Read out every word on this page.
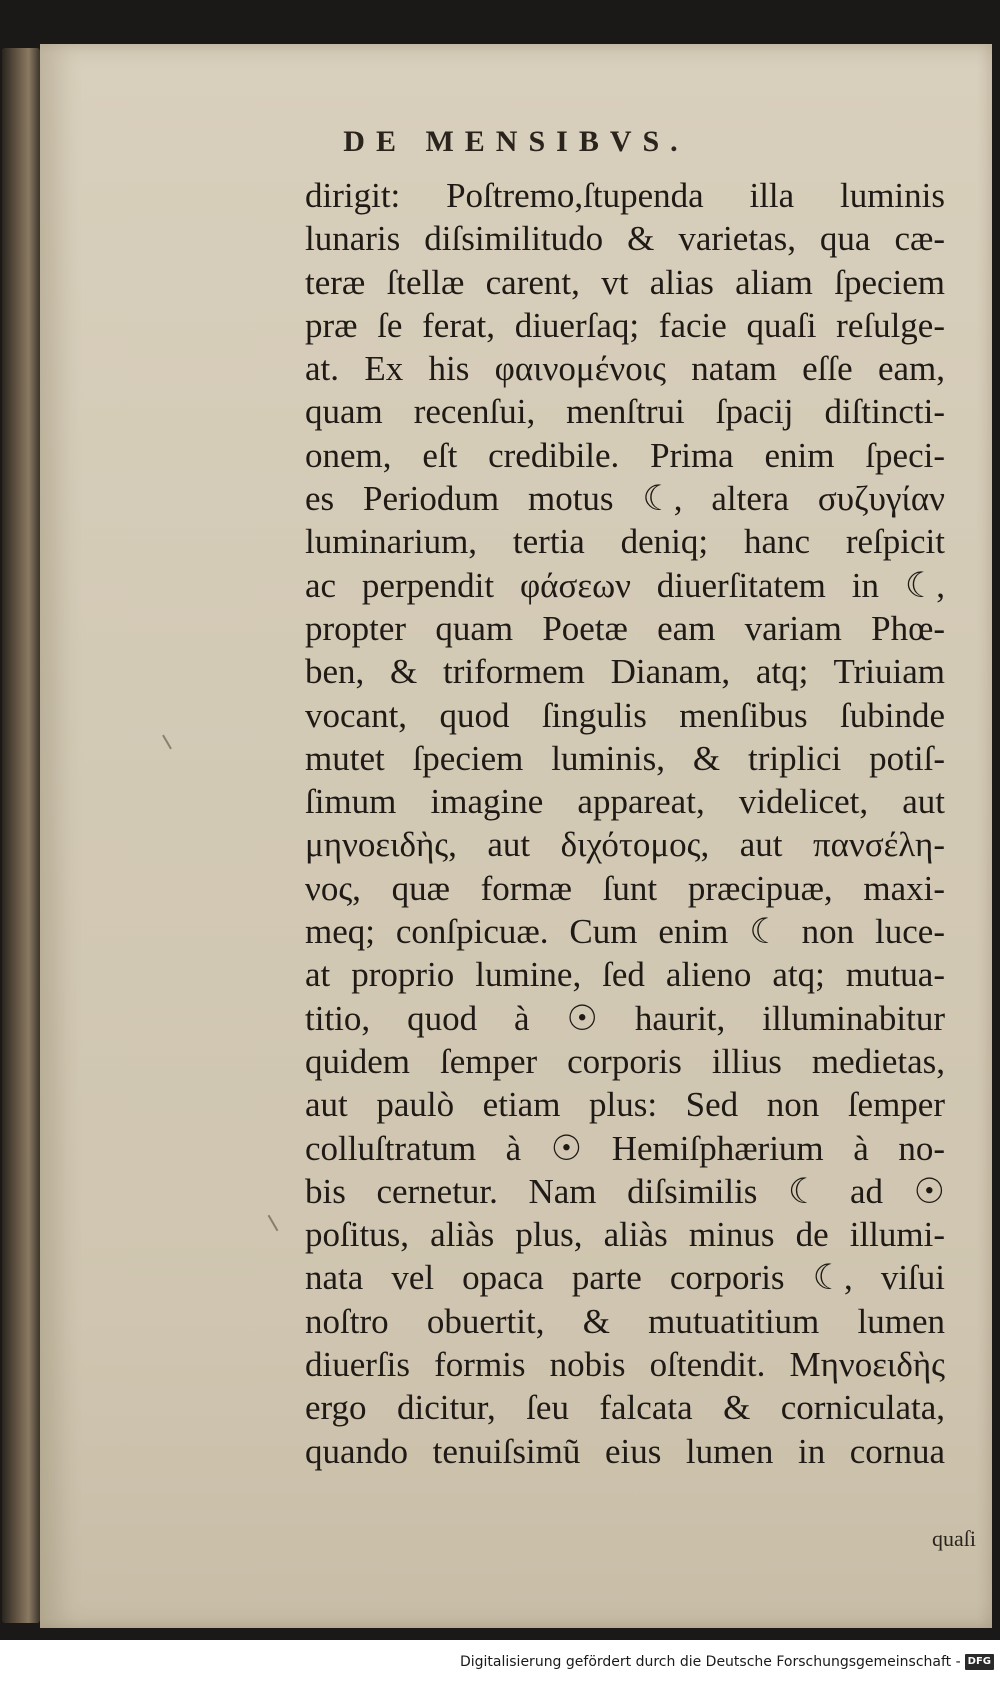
DE MENSIBVS.
dirigit: Poſtremo,ſtupenda illa luminis
lunaris diſsimilitudo & varietas, qua cæ-
teræ ſtellæ carent, vt alias aliam ſpeciem
præ ſe ferat, diuerſaq; facie quaſi reſulge-
at. Ex his φαινομένοις natam eſſe eam,
quam recenſui, menſtrui ſpacij diſtincti-
onem, eſt credibile. Prima enim ſpeci-
es Periodum motus ☾, altera συζυγίαν
luminarium, tertia deniq; hanc reſpicit
ac perpendit φάσεων diuerſitatem in ☾,
propter quam Poetæ eam variam Phœ-
ben, & triformem Dianam, atq; Triuiam
vocant, quod ſingulis menſibus ſubinde
mutet ſpeciem luminis, & triplici potiſ-
ſimum imagine appareat, videlicet, aut
μηνοειδὴς, aut διχότομος, aut πανσέλη-
νος, quæ formæ ſunt præcipuæ, maxi-
meq; conſpicuæ. Cum enim ☾ non luce-
at proprio lumine, ſed alieno atq; mutua-
titio, quod à ☉ haurit, illuminabitur
quidem ſemper corporis illius medietas,
aut paulò etiam plus: Sed non ſemper
colluſtratum à ☉ Hemiſphærium à no-
bis cernetur. Nam diſsimilis ☾ ad ☉
poſitus, aliàs plus, aliàs minus de illumi-
nata vel opaca parte corporis ☾, viſui
noſtro obuertit, & mutuatitium lumen
diuerſis formis nobis oſtendit. Μηνοειδὴς
ergo dicitur, ſeu falcata & corniculata,
quando tenuiſsimũ eius lumen in cornua
quaſi
Digitalisierung gefördert durch die Deutsche Forschungsgemeinschaft - DFG
